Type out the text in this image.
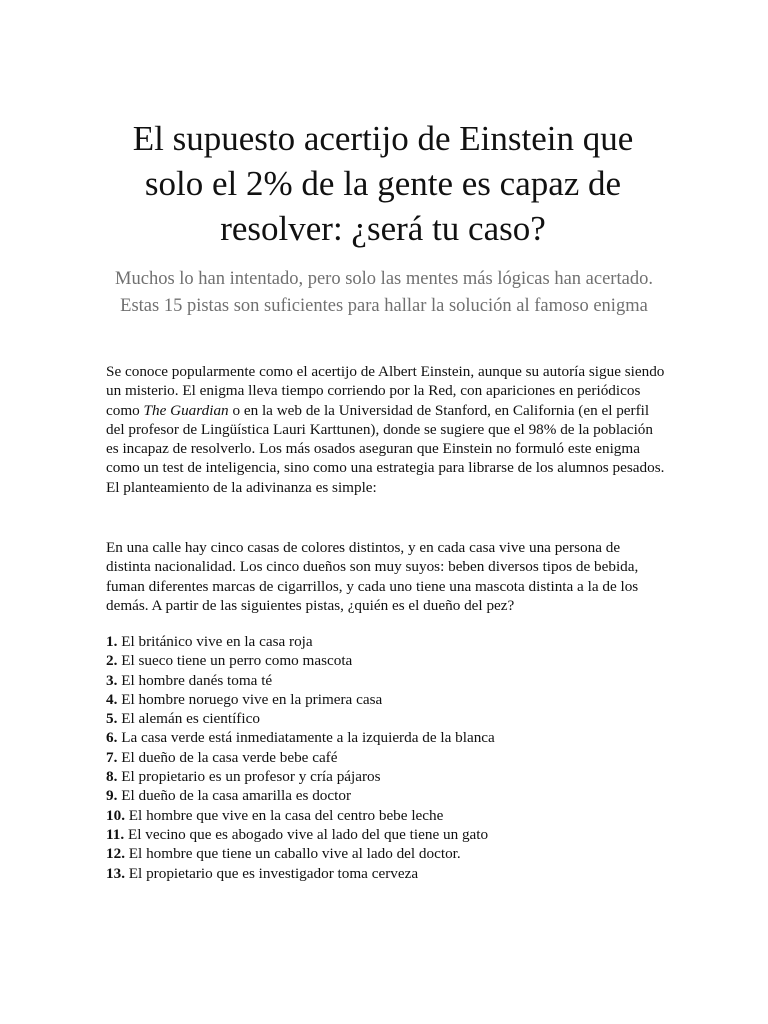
El supuesto acertijo de Einstein que solo el 2% de la gente es capaz de resolver: ¿será tu caso?

Muchos lo han intentado, pero solo las mentes más lógicas han acertado. Estas 15 pistas son suficientes para hallar la solución al famoso enigma

Se conoce popularmente como el acertijo de Albert Einstein, aunque su autoría sigue siendo un misterio. El enigma lleva tiempo corriendo por la Red, con apariciones en periódicos como The Guardian o en la web de la Universidad de Stanford, en California (en el perfil del profesor de Lingüística Lauri Karttunen), donde se sugiere que el 98% de la población es incapaz de resolverlo. Los más osados aseguran que Einstein no formuló este enigma como un test de inteligencia, sino como una estrategia para librarse de los alumnos pesados. El planteamiento de la adivinanza es simple:

En una calle hay cinco casas de colores distintos, y en cada casa vive una persona de distinta nacionalidad. Los cinco dueños son muy suyos: beben diversos tipos de bebida, fuman diferentes marcas de cigarrillos, y cada uno tiene una mascota distinta a la de los demás. A partir de las siguientes pistas, ¿quién es el dueño del pez?

1. El británico vive en la casa roja
2. El sueco tiene un perro como mascota
3. El hombre danés toma té
4. El hombre noruego vive en la primera casa
5. El alemán es científico
6. La casa verde está inmediatamente a la izquierda de la blanca
7. El dueño de la casa verde bebe café
8. El propietario es un profesor y cría pájaros
9. El dueño de la casa amarilla es doctor
10. El hombre que vive en la casa del centro bebe leche
11. El vecino que es abogado vive al lado del que tiene un gato
12. El hombre que tiene un caballo vive al lado del doctor.
13. El propietario que es investigador toma cerveza
